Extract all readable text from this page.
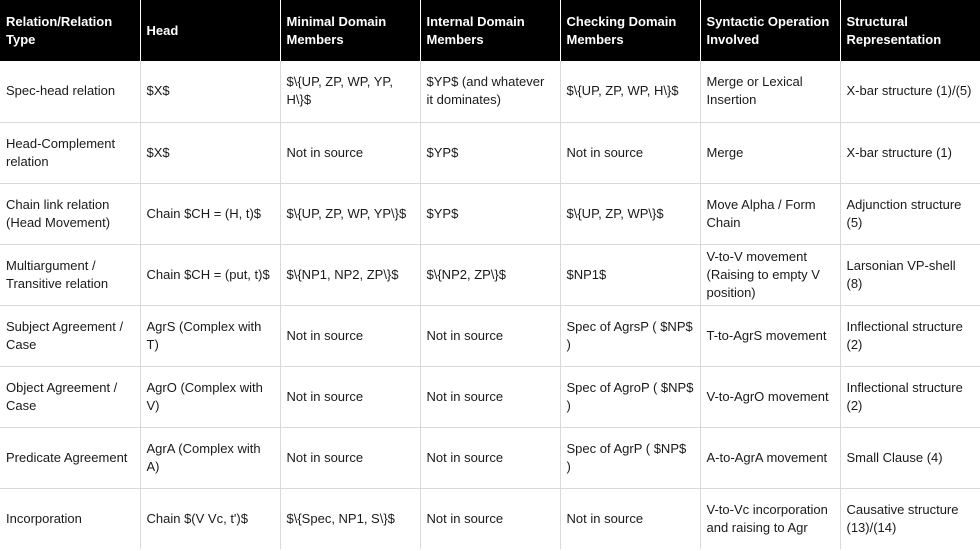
Relation/Relation Type	Head	Minimal Domain Members	Internal Domain Members	Checking Domain Members	Syntactic Operation Involved	Structural Representation
Spec-head relation	$X$	$\{UP, ZP, WP, YP, H\}$	$YP$ (and whatever it dominates)	$\{UP, ZP, WP, H\}$	Merge or Lexical Insertion	X-bar structure (1)/(5)
Head-Complement relation	$X$	Not in source	$YP$	Not in source	Merge	X-bar structure (1)
Chain link relation (Head Movement)	Chain $CH = (H, t)$	$\{UP, ZP, WP, YP\}$	$YP$	$\{UP, ZP, WP\}$	Move Alpha / Form Chain	Adjunction structure (5)
Multiargument / Transitive relation	Chain $CH = (put, t)$	$\{NP1, NP2, ZP\}$	$\{NP2, ZP\}$	$NP1$	V-to-V movement (Raising to empty V position)	Larsonian VP-shell (8)
Subject Agreement / Case	AgrS (Complex with T)	Not in source	Not in source	Spec of AgrsP ( $NP$ )	T-to-AgrS movement	Inflectional structure (2)
Object Agreement / Case	AgrO (Complex with V)	Not in source	Not in source	Spec of AgroP ( $NP$ )	V-to-AgrO movement	Inflectional structure (2)
Predicate Agreement	AgrA (Complex with A)	Not in source	Not in source	Spec of AgrP ( $NP$ )	A-to-AgrA movement	Small Clause (4)
Incorporation	Chain $(V Vc, t')$	$\{Spec, NP1, S\}$	Not in source	Not in source	V-to-Vc incorporation and raising to Agr	Causative structure (13)/(14)
